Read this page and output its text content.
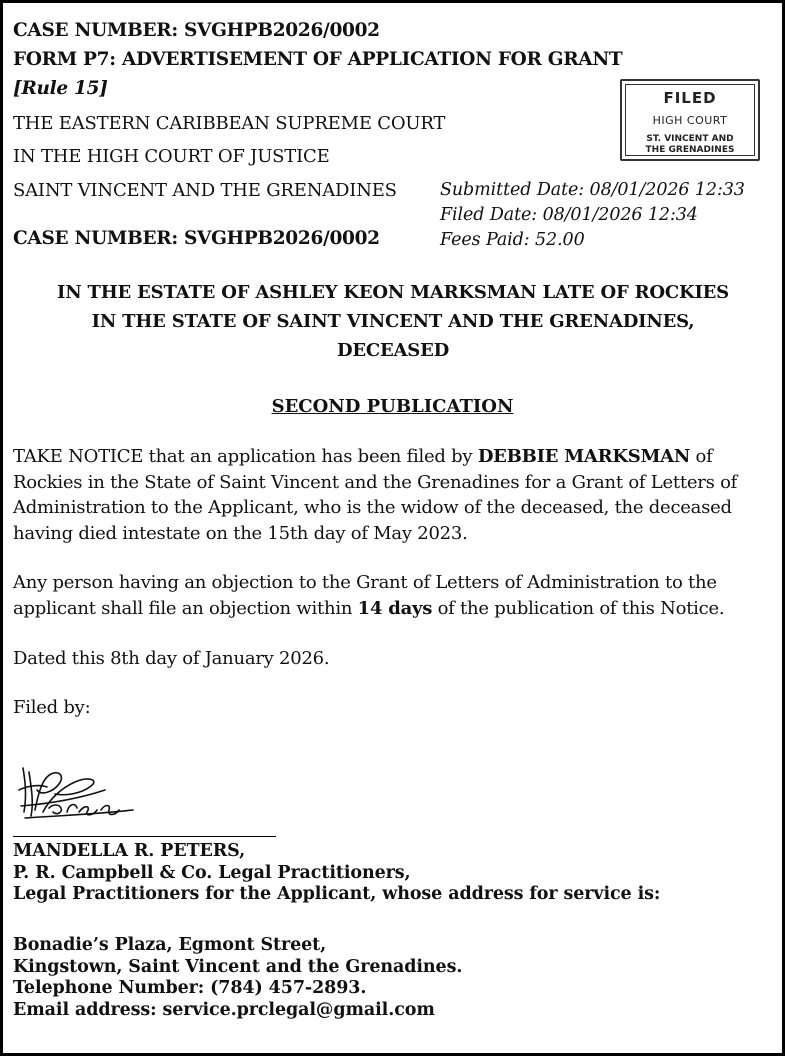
CASE NUMBER: SVGHPB2026/0002
FORM P7: ADVERTISEMENT OF APPLICATION FOR GRANT
[Rule 15]
THE EASTERN CARIBBEAN SUPREME COURT
IN THE HIGH COURT OF JUSTICE
SAINT VINCENT AND THE GRENADINES
CASE NUMBER: SVGHPB2026/0002
Submitted Date: 08/01/2026 12:33
Filed Date: 08/01/2026 12:34
Fees Paid: 52.00
FILED
HIGH COURT
ST. VINCENT AND
THE GRENADINES
IN THE ESTATE OF ASHLEY KEON MARKSMAN LATE OF ROCKIES
IN THE STATE OF SAINT VINCENT AND THE GRENADINES,
DECEASED
SECOND PUBLICATION
TAKE NOTICE that an application has been filed by DEBBIE MARKSMAN of
Rockies in the State of Saint Vincent and the Grenadines for a Grant of Letters of
Administration to the Applicant, who is the widow of the deceased, the deceased
having died intestate on the 15th day of May 2023.
Any person having an objection to the Grant of Letters of Administration to the
applicant shall file an objection within 14 days of the publication of this Notice.
Dated this 8th day of January 2026.
Filed by:
MANDELLA R. PETERS,
P. R. Campbell & Co. Legal Practitioners,
Legal Practitioners for the Applicant, whose address for service is:
Bonadie’s Plaza, Egmont Street,
Kingstown, Saint Vincent and the Grenadines.
Telephone Number: (784) 457-2893.
Email address: service.prclegal@gmail.com
